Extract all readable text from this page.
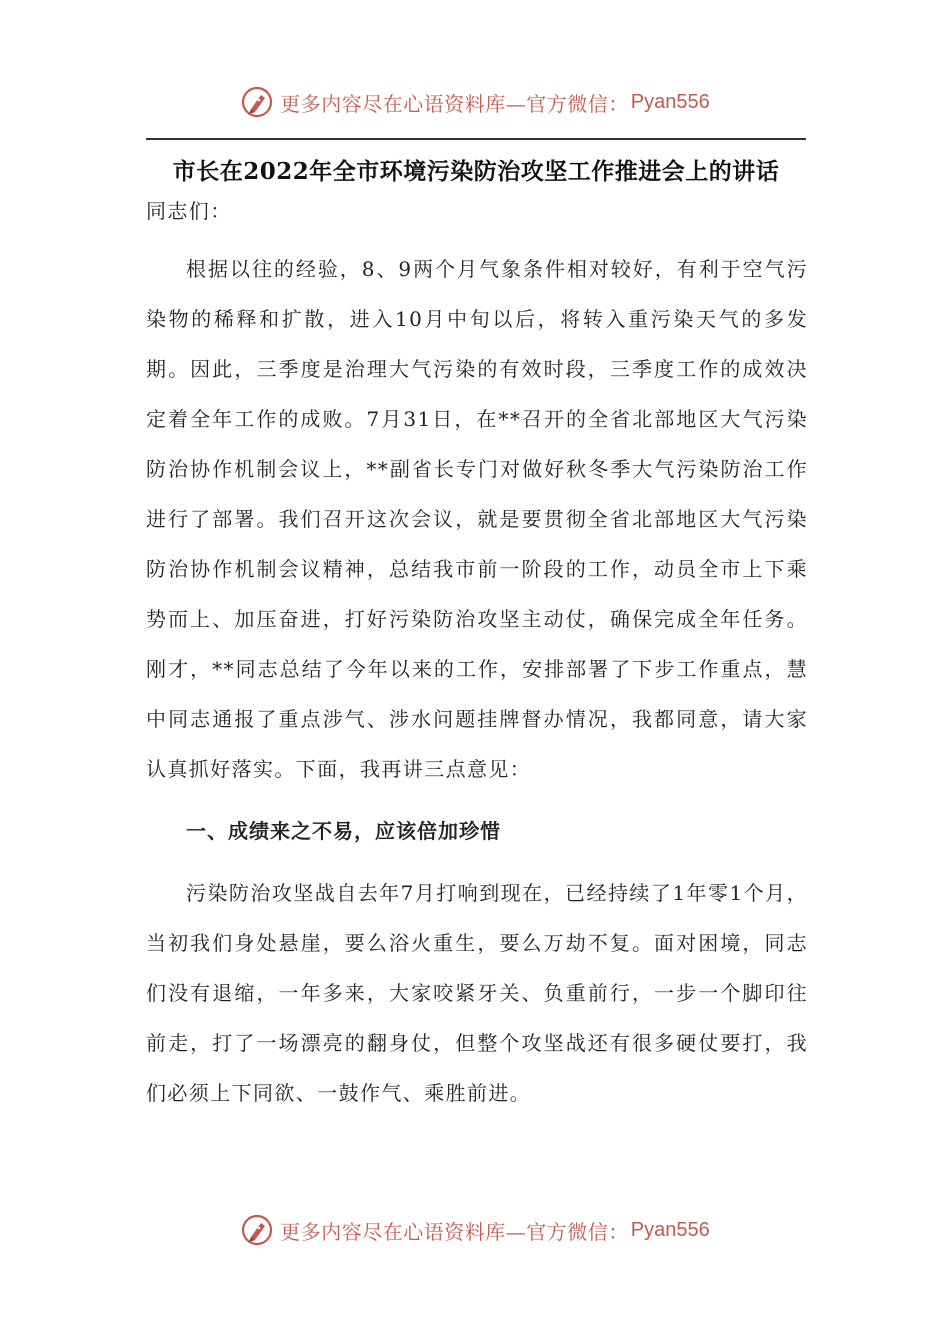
更多内容尽在心语资料库—官方微信： Pyan556
市长在2022年全市环境污染防治攻坚工作推进会上的讲话

同志们：

根据以往的经验，8、9两个月气象条件相对较好，有利于空气污染物的稀释和扩散，进入10月中旬以后，将转入重污染天气的多发期。因此，三季度是治理大气污染的有效时段，三季度工作的成效决定着全年工作的成败。7月31日，在**召开的全省北部地区大气污染防治协作机制会议上，**副省长专门对做好秋冬季大气污染防治工作进行了部署。我们召开这次会议，就是要贯彻全省北部地区大气污染防治协作机制会议精神，总结我市前一阶段的工作，动员全市上下乘势而上、加压奋进，打好污染防治攻坚主动仗，确保完成全年任务。刚才，**同志总结了今年以来的工作，安排部署了下步工作重点，慧中同志通报了重点涉气、涉水问题挂牌督办情况，我都同意，请大家认真抓好落实。下面，我再讲三点意见：

一、成绩来之不易，应该倍加珍惜

污染防治攻坚战自去年7月打响到现在，已经持续了1年零1个月，当初我们身处悬崖，要么浴火重生，要么万劫不复。面对困境，同志们没有退缩，一年多来，大家咬紧牙关、负重前行，一步一个脚印往前走，打了一场漂亮的翻身仗，但整个攻坚战还有很多硬仗要打，我们必须上下同欲、一鼓作气、乘胜前进。

更多内容尽在心语资料库—官方微信： Pyan556
